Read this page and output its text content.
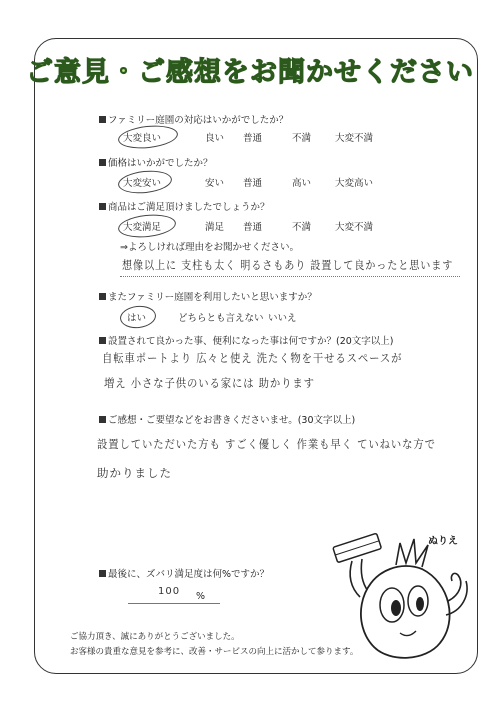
ご意見・ご感想をお聞かせください
ファミリー庭園の対応はいかがでしたか？
大変良い	良い 普通	不満	大変不満
価格はいかがでしたか？
大変安い	安い 普通	高い	大変高い
商品はご満足頂けましたでしょうか？
大変満足	満足 普通	不満	大変不満
⇒よろしければ理由をお聞かせください。
想像以上に 支柱も太く 明るさもあり 設置して良かったと思います
またファミリー庭園を利用したいと思いますか？
はい	どちらとも言えない いいえ
設置されて良かった事、便利になった事は何ですか？(20文字以上)
自転車ポートより 広々と使え 洗たく物を干せるスペースが
増え 小さな子供のいる家には 助かります
ご感想・ご要望などをお書きくださいませ。(30文字以上)
設置していただいた方も すごく優しく 作業も早く ていねいな方で
助かりました
最後に、ズバリ満足度は何%ですか？
100 %
ご協力頂き、誠にありがとうございました。
お客様の貴重な意見を参考に、改善・サービスの向上に活かして参ります。
ぬりえ
